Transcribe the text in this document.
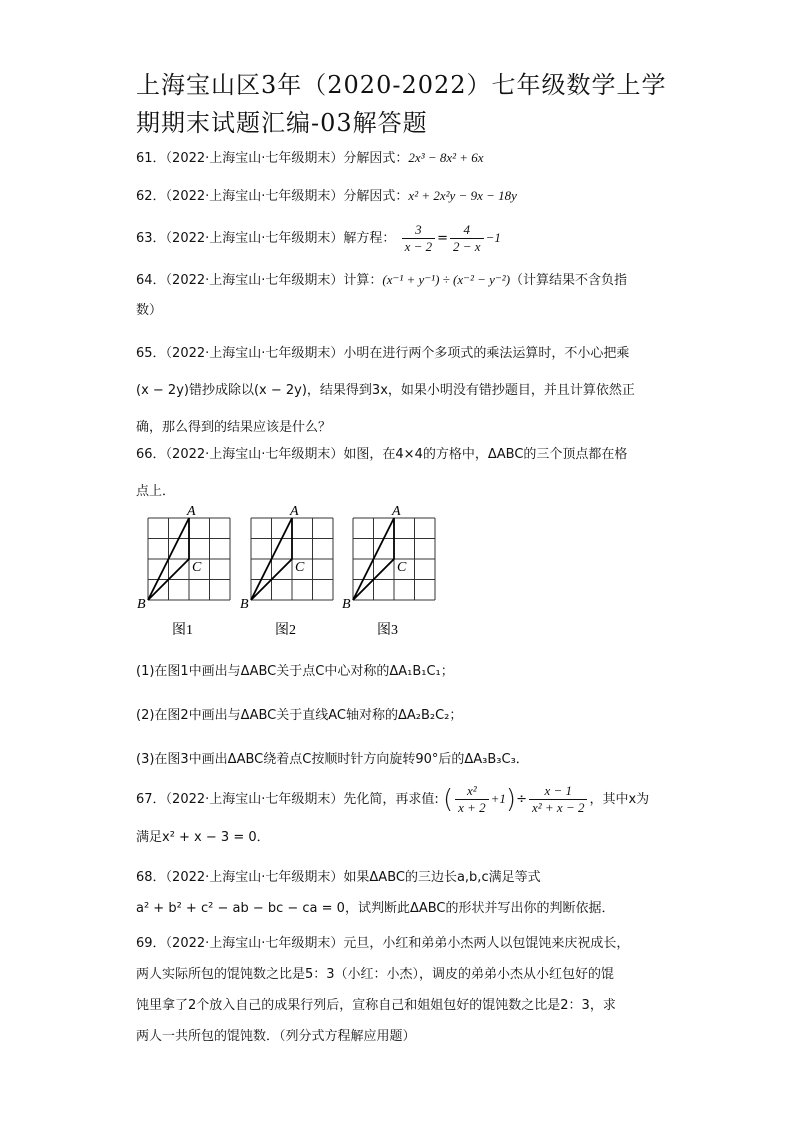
上海宝山区3年（2020-2022）七年级数学上学期期末试题汇编-03解答题
61．（2022·上海宝山·七年级期末）分解因式：2x³ − 8x² + 6x
62．（2022·上海宝山·七年级期末）分解因式：x² + 2x²y − 9x − 18y
63．（2022·上海宝山·七年级期末）解方程： $\frac{3}{x - 2} = \frac{4}{2 - x} -1$
64．（2022·上海宝山·七年级期末）计算：(x⁻¹ + y⁻¹) ÷ (x⁻² − y⁻²)（计算结果不含负指
数）
65．（2022·上海宝山·七年级期末）小明在进行两个多项式的乘法运算时，不小心把乘
(x − 2y)错抄成除以(x − 2y)，结果得到3x，如果小明没有错抄题目，并且计算依然正
确，那么得到的结果应该是什么？
66．（2022·上海宝山·七年级期末）如图，在4×4的方格中，ΔABC的三个顶点都在格
点上．
A
B
C
A
B
C
A
B
C
图1	图2	图3
(1)在图1中画出与ΔABC关于点C中心对称的ΔA₁B₁C₁；
(2)在图2中画出与ΔABC关于直线AC轴对称的ΔA₂B₂C₂；
(3)在图3中画出ΔABC绕着点C按顺时针方向旋转90°后的ΔA₃B₃C₃．
67．（2022·上海宝山·七年级期末）先化简，再求值: ( $\frac{\text{x²}}{x + 2} +1)\div \frac{x - 1}{\text{x² + x − 2}}$ ，其中x为
满足x² + x − 3 = 0．
68．（2022·上海宝山·七年级期末）如果ΔABC的三边长a,b,c满足等式
a² + b² + c² − ab − bc − ca = 0，试判断此ΔABC的形状并写出你的判断依据．
69．（2022·上海宝山·七年级期末）元旦，小红和弟弟小杰两人以包馄饨来庆祝成长，
两人实际所包的馄饨数之比是5：3（小红：小杰），调皮的弟弟小杰从小红包好的馄
饨里拿了2个放入自己的成果行列后，宣称自己和姐姐包好的馄饨数之比是2：3，求
两人一共所包的馄饨数．（列分式方程解应用题）
